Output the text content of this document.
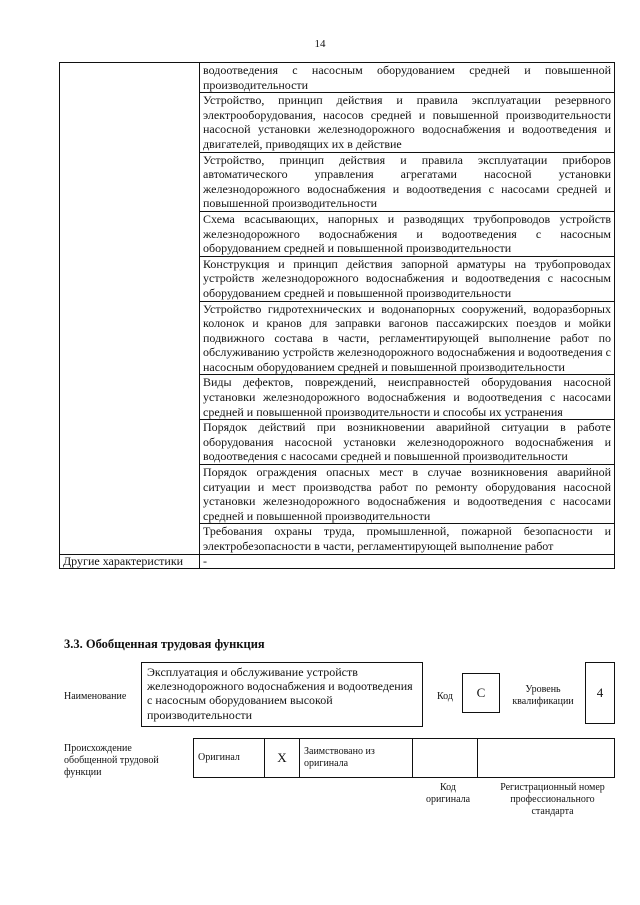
14
	водоотведения с насосным оборудованием средней и повышенной производительности
	Устройство, принцип действия и правила эксплуатации резервного электрооборудования, насосов средней и повышенной производительности насосной установки железнодорожного водоснабжения и водоотведения и двигателей, приводящих их в действие
	Устройство, принцип действия и правила эксплуатации приборов автоматического управления агрегатами насосной установки железнодорожного водоснабжения и водоотведения с насосами средней и повышенной производительности
	Схема всасывающих, напорных и разводящих трубопроводов устройств железнодорожного водоснабжения и водоотведения с насосным оборудованием средней и повышенной производительности
	Конструкция и принцип действия запорной арматуры на трубопроводах устройств железнодорожного водоснабжения и водоотведения с насосным оборудованием средней и повышенной производительности
	Устройство гидротехнических и водонапорных сооружений, водоразборных колонок и кранов для заправки вагонов пассажирских поездов и мойки подвижного состава в части, регламентирующей выполнение работ по обслуживанию устройств железнодорожного водоснабжения и водоотведения с насосным оборудованием средней и повышенной производительности
	Виды дефектов, повреждений, неисправностей оборудования насосной установки железнодорожного водоснабжения и водоотведения с насосами средней и повышенной производительности и способы их устранения
	Порядок действий при возникновении аварийной ситуации в работе оборудования насосной установки железнодорожного водоснабжения и водоотведения с насосами средней и повышенной производительности
	Порядок ограждения опасных мест в случае возникновения аварийной ситуации и мест производства работ по ремонту оборудования насосной установки железнодорожного водоснабжения и водоотведения с насосами средней и повышенной производительности
	Требования охраны труда, промышленной, пожарной безопасности и электробезопасности в части, регламентирующей выполнение работ
Другие характеристики	-
3.3. Обобщенная трудовая функция
Наименование
Эксплуатация и обслуживание устройств железнодорожного водоснабжения и водоотведения с насосным оборудованием высокой производительности
Код	C	Уровень квалификации
4
Происхождение обобщенной трудовой функции
Оригинал	X	Заимствовано из оригинала		
Код оригинала
Регистрационный номер профессионального стандарта
